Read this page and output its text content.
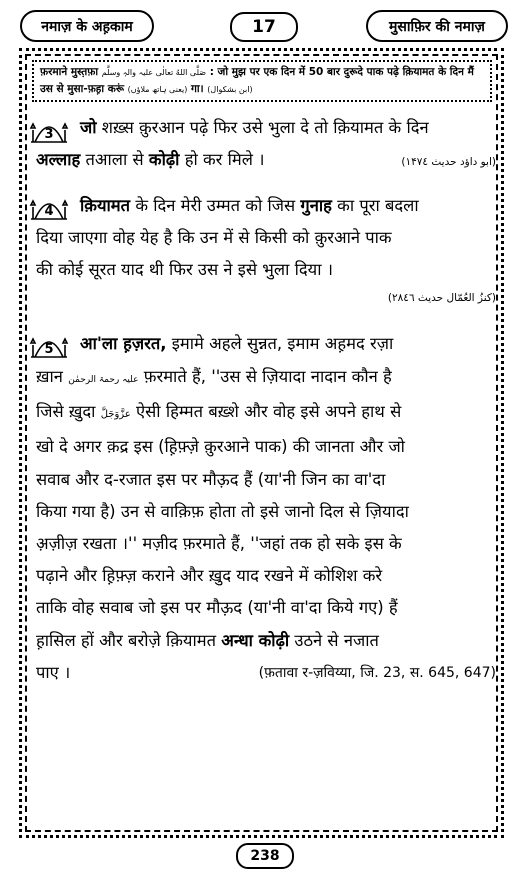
नमाज़ के अह़काम	17	मुसाफ़िर की नमाज़
फ़रमाने मुस्त़फ़ा صَلَّى اللهُ تعالٰی علیہ والہٖ وسلَّم : जो मुझ पर एक दिन में 50 बार दुरूदे पाक पढ़े क़ियामत के दिन मैं
उस से मुसा-फ़ह़ा करूं (یعنی ہاتھ ملاؤں) गा। (ابن بشکوال)
3
4
5
जो शख़्स क़ुरआन पढ़े फिर उसे भुला दे तो क़ियामत के दिन
अल्लाह
तआला से
कोढ़ी
हो कर मिले ।	(ابو داؤد حدیث ۱۴۷٤)
क़ियामत के दिन मेरी उम्मत को जिस गुनाह का पूरा बदला
दिया जाएगा वोह येह है कि उन में से किसी को क़ुरआने पाक
की कोई सूरत याद थी फिर उस ने इसे भुला दिया ।
(کنزُ العُمّال حدیث ۲۸٤٦)
आ'ला ह़ज़रत, इमामे अहले सुन्नत, इमाम अह़मद रज़ा
ख़ान علیہ رحمۃ الرحمٰن फ़रमाते हैं, ''उस से ज़ियादा नादान कौन है
जिसे ख़ुदा عزَّوَجَلَّ ऐसी हिम्मत बख़्शे और वोह इसे अपने हाथ से
खो दे अगर क़द्र इस (ह़िफ़्ज़े क़ुरआने पाक) की जानता और जो
सवाब और द-रजात इस पर मौऊ़द हैं (या'नी जिन का वा'दा
किया गया है) उन से वाक़िफ़ होता तो इसे जानो दिल से ज़ियादा
अ़ज़ीज़ रखता ।'' मज़ीद फ़रमाते हैं, ''जहां तक हो सके इस के
पढ़ाने और ह़िफ़्ज़ कराने और ख़ुद याद रखने में कोशिश करे
ताकि वोह सवाब जो इस पर मौऊ़द (या'नी वा'दा किये गए) हैं
ह़ासिल हों और बरोज़े क़ियामत अन्धा कोढ़ी उठने से नजात
पाए ।	(फ़तावा र-ज़विय्या, जि. 23, स. 645, 647)
238
